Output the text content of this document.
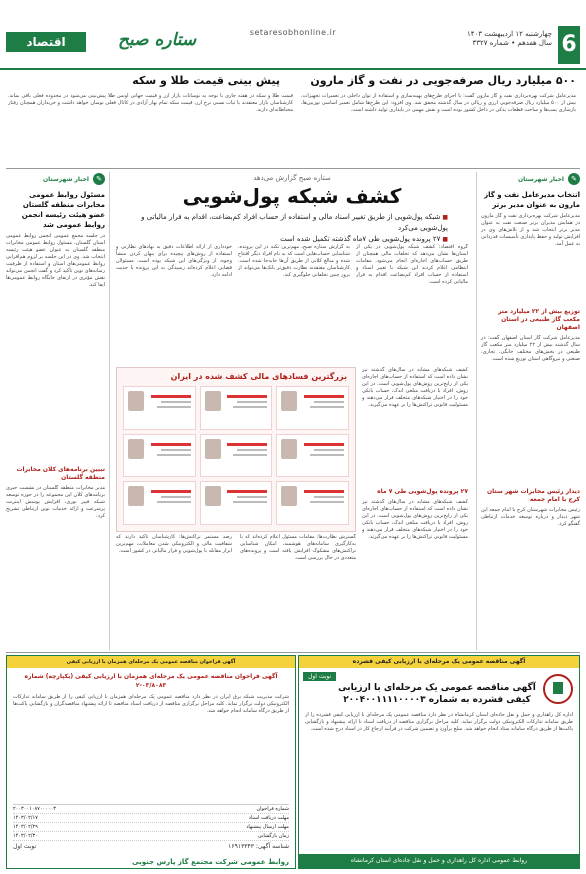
6
چهارشنبه ۱۲ اردیبهشت ۱۴۰۳
سال هفدهم • شماره ۳۳۲۷
setaresobhonline.ir
ستاره صبح
اقتصاد
۵۰۰ میلیارد ریال صرفه‌جویی در نفت و گاز مارون
پیش بینی قیمت طلا و سکه
مدیرعامل شرکت بهره‌برداری نفت و گاز مارون گفت: با اجرای طرح‌های بهینه‌سازی و استفاده از توان داخلی در تعمیرات تجهیزات، بیش از ۵۰۰ میلیارد ریال صرفه‌جویی ارزی و ریالی در سال گذشته محقق شد. وی افزود: این طرح‌ها شامل تعمیر اساسی توربین‌ها، بازسازی پمپ‌ها و ساخت قطعات یدکی در داخل کشور بوده است و نقش مهمی در پایداری تولید داشته است.
قیمت طلا و سکه در هفته جاری با توجه به نوسانات بازار ارز و قیمت جهانی اونس طلا پیش‌بینی می‌شود در محدوده فعلی باقی بماند. کارشناسان بازار معتقدند با ثبات نسبی نرخ ارز، قیمت سکه تمام بهار آزادی در کانال فعلی نوسان خواهد داشت و خریداران همچنان رفتار محتاطانه‌ای دارند.
✎
اخبار شهرستان
انتخاب مدیرعامل نفت و گاز مارون به عنوان مدیر برتر
مدیرعامل شرکت بهره‌برداری نفت و گاز مارون در همایش مدیران برتر صنعت نفت به عنوان مدیر برتر انتخاب شد و از تلاش‌های وی در افزایش تولید و حفظ پایداری تأسیسات قدردانی به عمل آمد.
توزیع بیش از ۲۲ میلیارد متر مکعب گاز طبیعی در استان اصفهان
مدیرعامل شرکت گاز استان اصفهان گفت: در سال گذشته بیش از ۲۲ میلیارد متر مکعب گاز طبیعی در بخش‌های مختلف خانگی، تجاری، صنعتی و نیروگاهی استان توزیع شده است.
دیدار رئیس مخابرات شهر ستان کرج با امام جمعه
رئیس مخابرات شهرستان کرج با امام جمعه این شهر دیدار و درباره توسعه خدمات ارتباطی گفتگو کرد.
✎
اخبار شهرستان
مسئول روابط عمومی مخابرات منطقه گلستان عضو هیئت رئیسه انجمن روابط عمومی شد
در جلسه مجمع عمومی انجمن روابط عمومی استان گلستان، مسئول روابط عمومی مخابرات منطقه گلستان به عنوان عضو هیئت رئیسه انتخاب شد. وی در این جلسه بر لزوم هم‌افزایی روابط عمومی‌های استان و استفاده از ظرفیت رسانه‌های نوین تأکید کرد و گفت انجمن می‌تواند نقش مؤثری در ارتقای جایگاه روابط عمومی‌ها ایفا کند.
تبیین برنامه‌های کلان مخابرات منطقه گلستان
مدیر مخابرات منطقه گلستان در نشست خبری برنامه‌های کلان این مجموعه را در حوزه توسعه شبکه فیبر نوری، افزایش پوشش اینترنت پرسرعت و ارائه خدمات نوین ارتباطی تشریح کرد.
ستاره صبح گزارش می‌دهد
کشف شبکه پول‌شویی
■ شبکه پول‌شویی از طریق تغییر اسناد مالی و استفاده از حساب افراد کم‌بضاعت، اقدام به فرار مالیاتی و پول‌شویی می‌کرد
■ ۲۷ پرونده پول‌شویی طی ۷ماه گذشته تکمیل شده است
گروه اقتصاد: کشف شبکه پول‌شویی در یکی از استان‌ها نشان می‌دهد که تخلفات مالی همچنان از طریق حساب‌های اجاره‌ای انجام می‌شود. مقامات انتظامی اعلام کردند این شبکه با تغییر اسناد و استفاده از حساب افراد کم‌بضاعت اقدام به فرار مالیاتی کرده است.
به گزارش ستاره صبح، مهم‌ترین نکته در این پرونده، شناسایی حساب‌هایی است که به نام افراد دیگر افتتاح شده و مبالغ کلانی از طریق آن‌ها جابه‌جا شده است. کارشناسان معتقدند نظارت دقیق‌تر بانک‌ها می‌تواند از بروز چنین تخلفاتی جلوگیری کند.
خودداری از ارائه اطلاعات دقیق به نهادهای نظارتی و استفاده از روش‌های پیچیده برای پنهان کردن منشأ وجوه، از ویژگی‌های این شبکه بوده است. مسئولان قضایی اعلام کرده‌اند رسیدگی به این پرونده با جدیت ادامه دارد.
بزرگترین فسادهای مالی کشف شده در ایران
کشف شبکه‌های مشابه در سال‌های گذشته نیز نشان داده است که استفاده از حساب‌های اجاره‌ای یکی از رایج‌ترین روش‌های پول‌شویی است. در این روش، افراد با دریافت مبلغی اندک، حساب بانکی خود را در اختیار شبکه‌های متخلف قرار می‌دهند و مسئولیت قانونی تراکنش‌ها را بر عهده می‌گیرند.
۲۷ پرونده پول‌شویی طی ۷ ماه
کشف شبکه‌های مشابه در سال‌های گذشته نیز نشان داده است که استفاده از حساب‌های اجاره‌ای یکی از رایج‌ترین روش‌های پول‌شویی است. در این روش، افراد با دریافت مبلغی اندک، حساب بانکی خود را در اختیار شبکه‌های متخلف قرار می‌دهند و مسئولیت قانونی تراکنش‌ها را بر عهده می‌گیرند.
گسترش نظارت‌ها: مقامات مسئول اعلام کرده‌اند که با به‌کارگیری سامانه‌های هوشمند، امکان شناسایی تراکنش‌های مشکوک افزایش یافته است و پرونده‌های متعددی در حال بررسی است.
رصد مستمر تراکنش‌ها: کارشناسان تأکید دارند که شفافیت مالی و الکترونیکی شدن معاملات، مهم‌ترین ابزار مقابله با پول‌شویی و فرار مالیاتی در کشور است.
آگهی مناقصه عمومی یک مرحله‌ای با ارزیابی کیفی فشرده
نوبت اول
آگهی مناقصه عمومی یک مرحله‌ای با ارزیابی کیفی فشرده به شماره ۲۰۰۴۰۰۱۱۱۱۰۰۰۰۳
اداره کل راهداری و حمل و نقل جاده‌ای استان کرمانشاه در نظر دارد مناقصه عمومی یک مرحله‌ای با ارزیابی کیفی فشرده را از طریق سامانه تدارکات الکترونیکی دولت برگزار نماید. کلیه مراحل برگزاری مناقصه از دریافت اسناد تا ارائه پیشنهاد و بازگشایی پاکت‌ها از طریق درگاه سامانه ستاد انجام خواهد شد. مبلغ برآورد و تضمین شرکت در فرآیند ارجاع کار در اسناد درج شده است.
روابط عمومی اداره کل راهداری و حمل و نقل جاده‌ای استان کرمانشاه
آگهی فراخوان مناقصه عمومی یک مرحله‌ای همزمان با ارزیابی کیفی
آگهی فراخوان مناقصه عمومی یک مرحله‌ای همزمان با ارزیابی کیفی (یکپارچه) شماره ۰۳/۸۰۸۳-۲
شرکت مدیریت شبکه برق ایران در نظر دارد مناقصه عمومی یک مرحله‌ای همزمان با ارزیابی کیفی را از طریق سامانه تدارکات الکترونیکی دولت برگزار نماید. کلیه مراحل برگزاری مناقصه از دریافت اسناد مناقصه تا ارائه پیشنهاد مناقصه‌گران و بازگشایی پاکت‌ها از طریق درگاه سامانه انجام خواهد شد.
شماره فراخوان
۲۰۰۳۰۰۱۰۸۷۰۰۰۰۰۳
مهلت دریافت اسناد
۱۴۰۳/۰۲/۱۷
مهلت ارسال پیشنهاد
۱۴۰۳/۰۲/۲۹
زمان بازگشایی
۱۴۰۳/۰۲/۳۰
شناسه آگهی: ۱۶۹۱۳۳۴۳
نوبت اول
روابط عمومی شرکت مجتمع گاز پارس جنوبی
